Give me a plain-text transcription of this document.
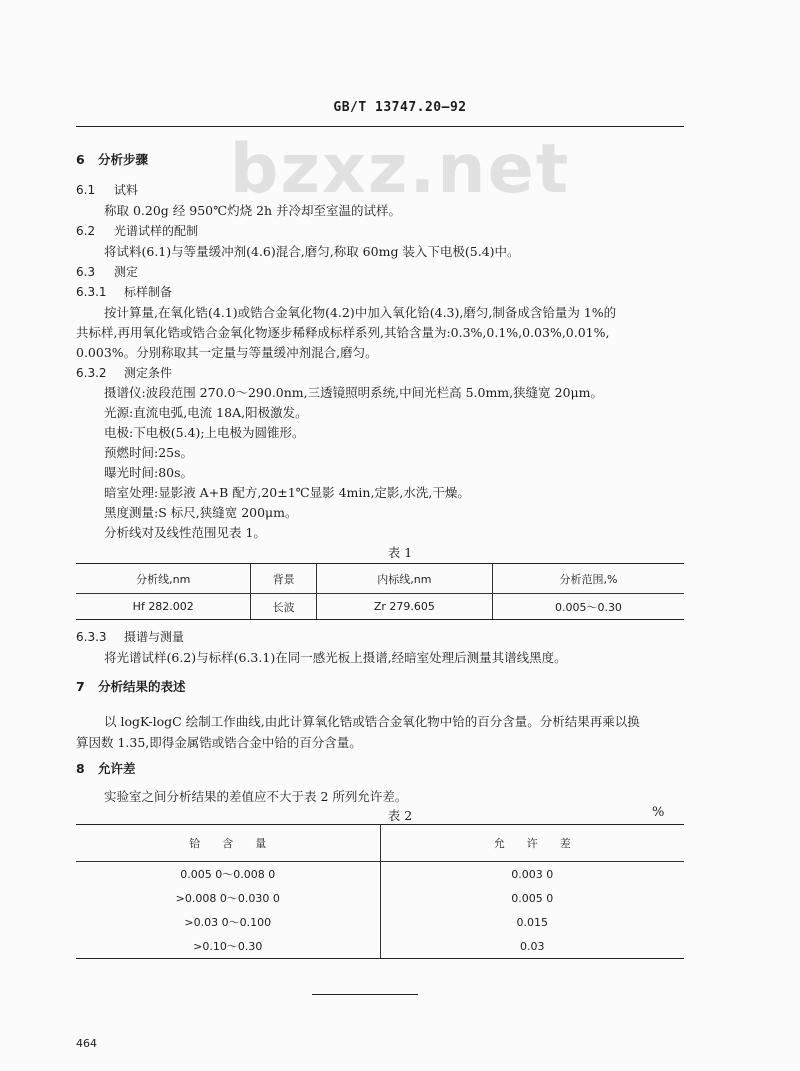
bzxz.net
GB/T 13747.20—92
6 分析步骤
6.1 试料
称取 0.20g 经 950℃灼烧 2h 并冷却至室温的试样。
6.2 光谱试样的配制
将试料(6.1)与等量缓冲剂(4.6)混合,磨匀,称取 60mg 装入下电极(5.4)中。
6.3 测定
6.3.1 标样制备
按计算量,在氧化锆(4.1)或锆合金氧化物(4.2)中加入氧化铪(4.3),磨匀,制备成含铪量为 1%的
共标样,再用氧化锆或锆合金氧化物逐步稀释成标样系列,其铪含量为:0.3%,0.1%,0.03%,0.01%,
0.003%。分别称取其一定量与等量缓冲剂混合,磨匀。
6.3.2 测定条件
摄谱仪:波段范围 270.0～290.0nm,三透镜照明系统,中间光栏高 5.0mm,狭缝宽 20μm。
光源:直流电弧,电流 18A,阳极激发。
电极:下电极(5.4);上电极为圆锥形。
预燃时间:25s。
曝光时间:80s。
暗室处理:显影液 A+B 配方,20±1℃显影 4min,定影,水洗,干燥。
黑度测量:S 标尺,狭缝宽 200μm。
分析线对及线性范围见表 1。
表 1
分析线,nm	背景	内标线,nm	分析范围,%
Hf 282.002	长波	Zr 279.605	0.005～0.30
6.3.3 摄谱与测量
将光谱试样(6.2)与标样(6.3.1)在同一感光板上摄谱,经暗室处理后测量其谱线黑度。
7 分析结果的表述
以 logK-logC 绘制工作曲线,由此计算氧化锆或锆合金氧化物中铪的百分含量。分析结果再乘以换
算因数 1.35,即得金属锆或锆合金中铪的百分含量。
8 允许差
实验室之间分析结果的差值应不大于表 2 所列允许差。
表 2	%
铪　　含　　量	允　　许　　差
0.005 0～0.008 0	0.003 0
>0.008 0～0.030 0	0.005 0
>0.03 0～0.100	0.015
>0.10～0.30	0.03
464
